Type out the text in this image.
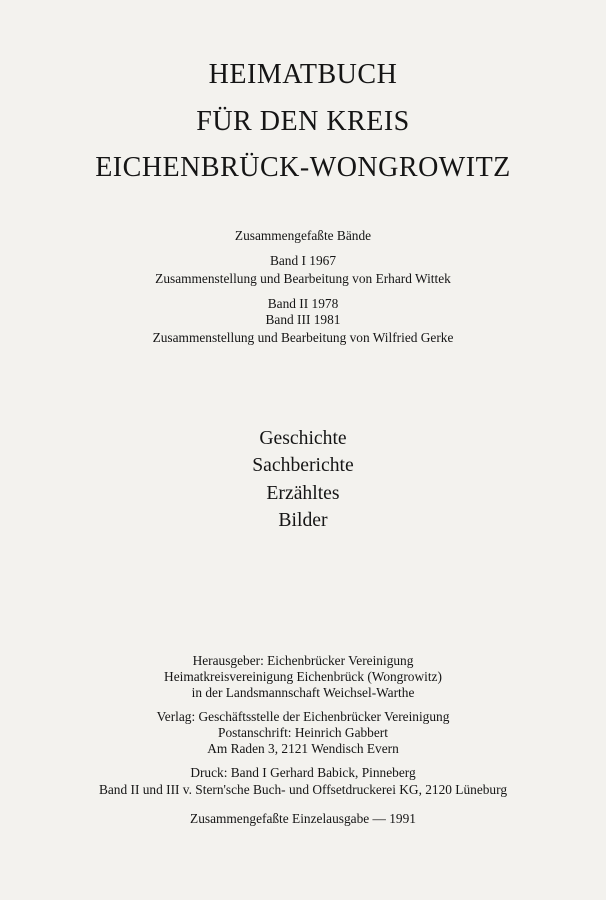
HEIMATBUCH
FÜR DEN KREIS
EICHENBRÜCK-WONGROWITZ
Zusammengefaßte Bände
Band I 1967
Zusammenstellung und Bearbeitung von Erhard Wittek
Band II 1978
Band III 1981
Zusammenstellung und Bearbeitung von Wilfried Gerke
Geschichte
Sachberichte
Erzähltes
Bilder
Herausgeber: Eichenbrücker Vereinigung
Heimatkreisvereinigung Eichenbrück (Wongrowitz)
in der Landsmannschaft Weichsel-Warthe
Verlag: Geschäftsstelle der Eichenbrücker Vereinigung
Postanschrift: Heinrich Gabbert
Am Raden 3, 2121 Wendisch Evern
Druck: Band I Gerhard Babick, Pinneberg
Band II und III v. Stern'sche Buch- und Offsetdruckerei KG, 2120 Lüneburg
Zusammengefaßte Einzelausgabe — 1991
